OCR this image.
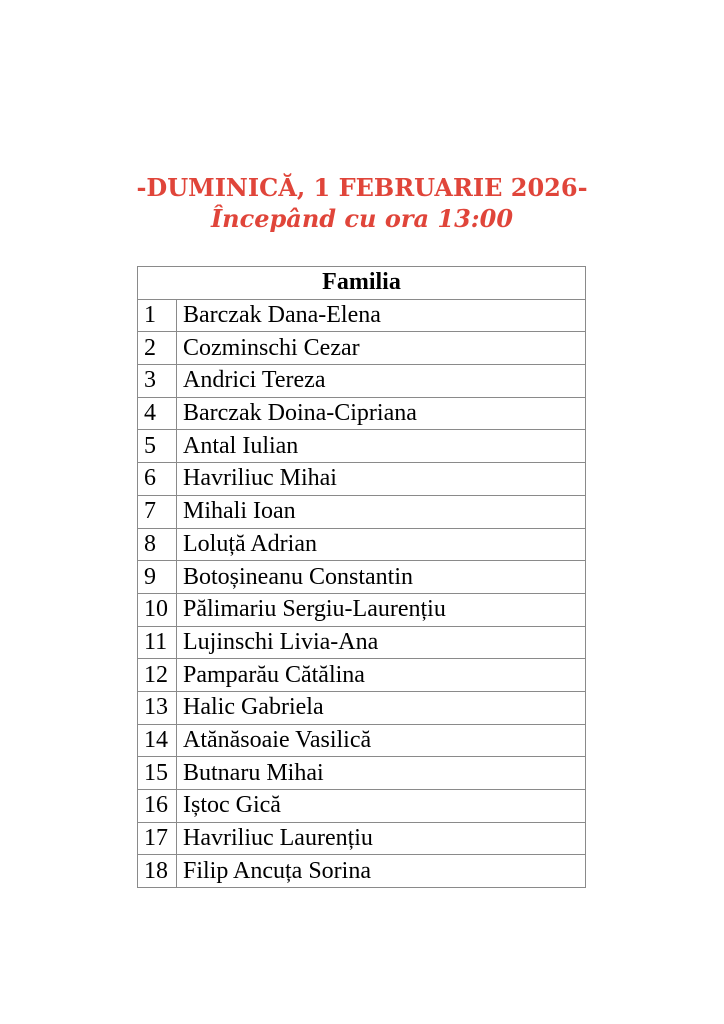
-DUMINICĂ, 1 FEBRUARIE 2026-
Începând cu ora 13:00
Familia	
1	Barczak Dana-Elena
2	Cozminschi Cezar
3	Andrici Tereza
4	Barczak Doina-Cipriana
5	Antal Iulian
6	Havriliuc Mihai
7	Mihali Ioan
8	Loluță Adrian
9	Botoșineanu Constantin
10	Pălimariu Sergiu-Laurențiu
11	Lujinschi Livia-Ana
12	Pamparău Cătălina
13	Halic Gabriela
14	Atănăsoaie Vasilică
15	Butnaru Mihai
16	Iștoc Gică
17	Havriliuc Laurențiu
18	Filip Ancuța Sorina
